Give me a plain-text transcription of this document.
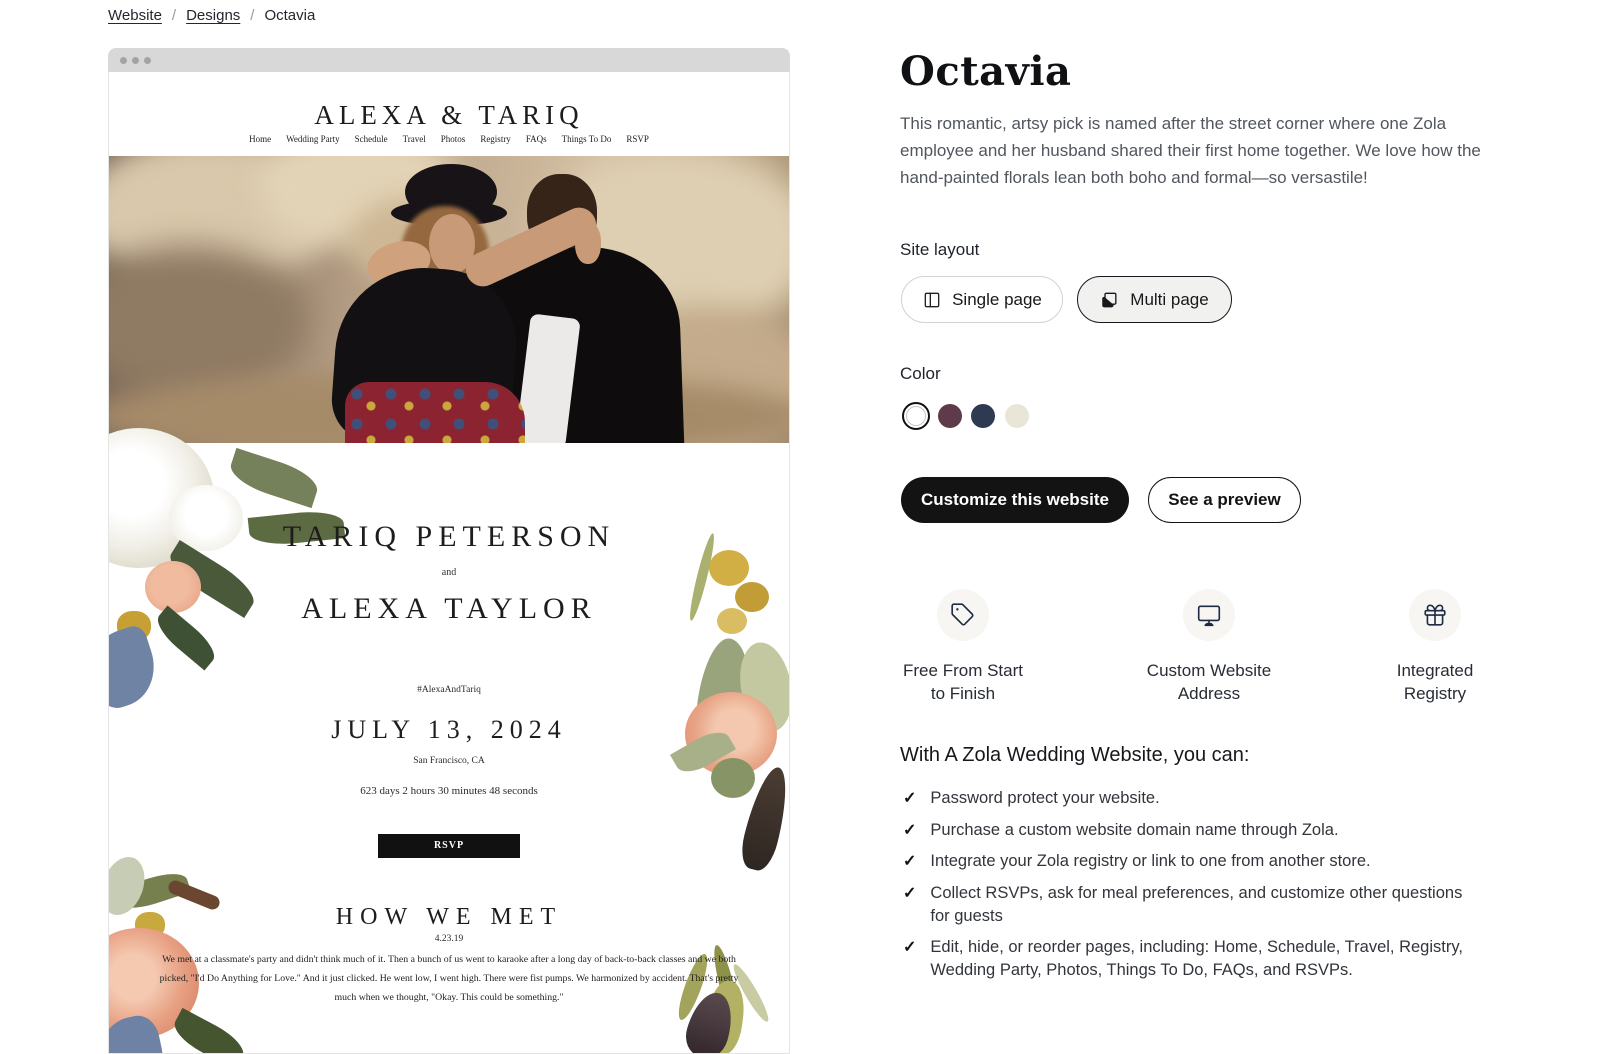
Website / Designs / Octavia
ALEXA & TARIQ
Home Wedding Party Schedule Travel Photos Registry FAQs Things To Do RSVP
TARIQ PETERSON
and
ALEXA TAYLOR
#AlexaAndTariq
JULY 13, 2024
San Francisco, CA
623 days 2 hours 30 minutes 48 seconds
RSVP
HOW WE MET
4.23.19
We met at a classmate's party and didn't think much of it. Then a bunch of us went to karaoke after a long day of back-to-back classes and we both picked, "I'd Do Anything for Love." And it just clicked. He went low, I went high. There were fist pumps. We harmonized by accident. That's pretty much when we thought, "Okay. This could be something."
Octavia

This romantic, artsy pick is named after the street corner where one Zola employee and her husband shared their first home together. We love how the hand-painted florals lean both boho and formal—so versastile!

Site layout
Single page	Multi page
Color
Customize this website	See a preview
Free From Start to Finish
Custom Website Address
Integrated Registry
With A Zola Wedding Website, you can:
✓ Password protect your website.
✓ Purchase a custom website domain name through Zola.
✓ Integrate your Zola registry or link to one from another store.
✓ Collect RSVPs, ask for meal preferences, and customize other questions for guests
✓ Edit, hide, or reorder pages, including: Home, Schedule, Travel, Registry, Wedding Party, Photos, Things To Do, FAQs, and RSVPs.
